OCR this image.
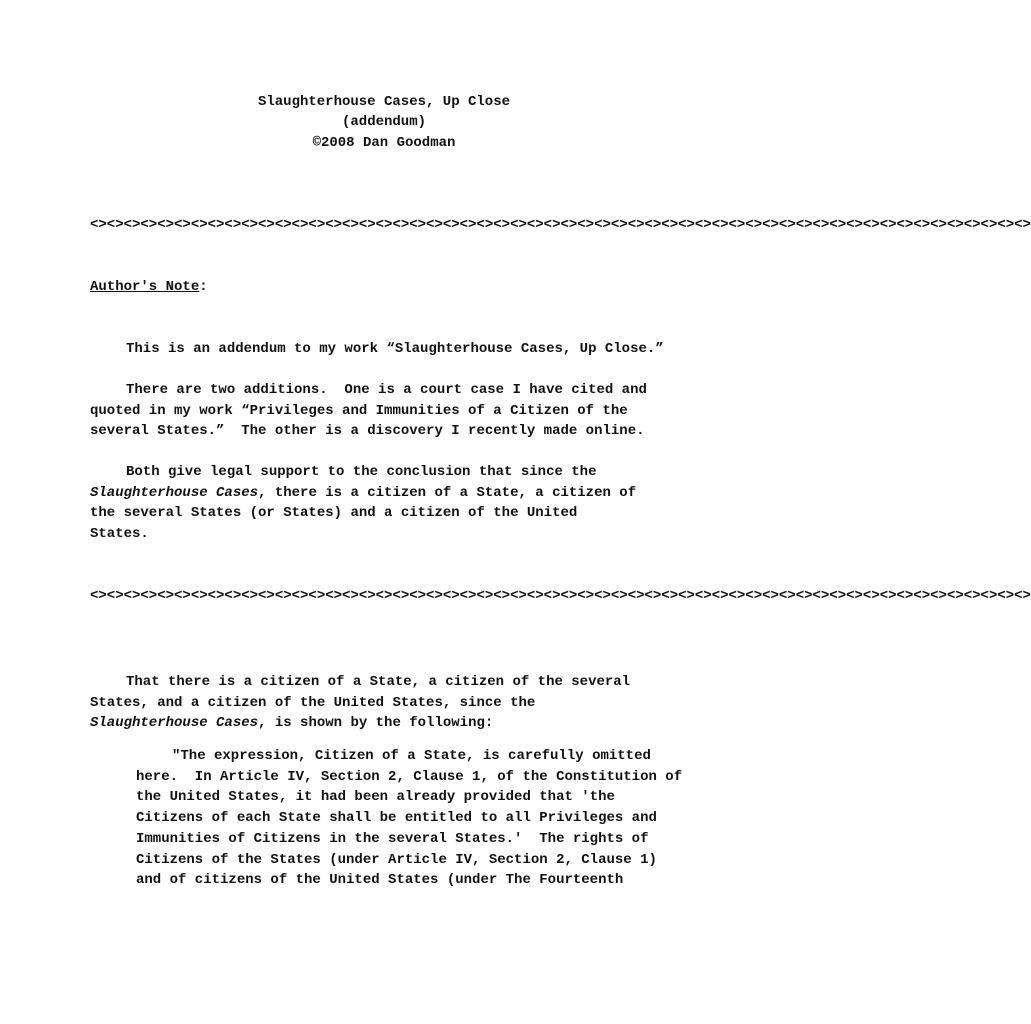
Slaughterhouse Cases, Up Close
(addendum)
©2008 Dan Goodman
<><><><><><><><><><><><><><><><><><><><><><><><><><><><><><><><><><><><><><><><><><><><><><><><><><><><><><><><>
Author's Note:
This is an addendum to my work “Slaughterhouse Cases, Up Close.”
There are two additions.  One is a court case I have cited and
quoted in my work “Privileges and Immunities of a Citizen of the
several States.”  The other is a discovery I recently made online.
Both give legal support to the conclusion that since the
Slaughterhouse Cases, there is a citizen of a State, a citizen of
the several States (or States) and a citizen of the United
States.
<><><><><><><><><><><><><><><><><><><><><><><><><><><><><><><><><><><><><><><><><><><><><><><><><><><><><><><><>
That there is a citizen of a State, a citizen of the several
States, and a citizen of the United States, since the
Slaughterhouse Cases, is shown by the following:
"The expression, Citizen of a State, is carefully omitted
here.  In Article IV, Section 2, Clause 1, of the Constitution of
the United States, it had been already provided that 'the
Citizens of each State shall be entitled to all Privileges and
Immunities of Citizens in the several States.'  The rights of
Citizens of the States (under Article IV, Section 2, Clause 1)
and of citizens of the United States (under The Fourteenth
